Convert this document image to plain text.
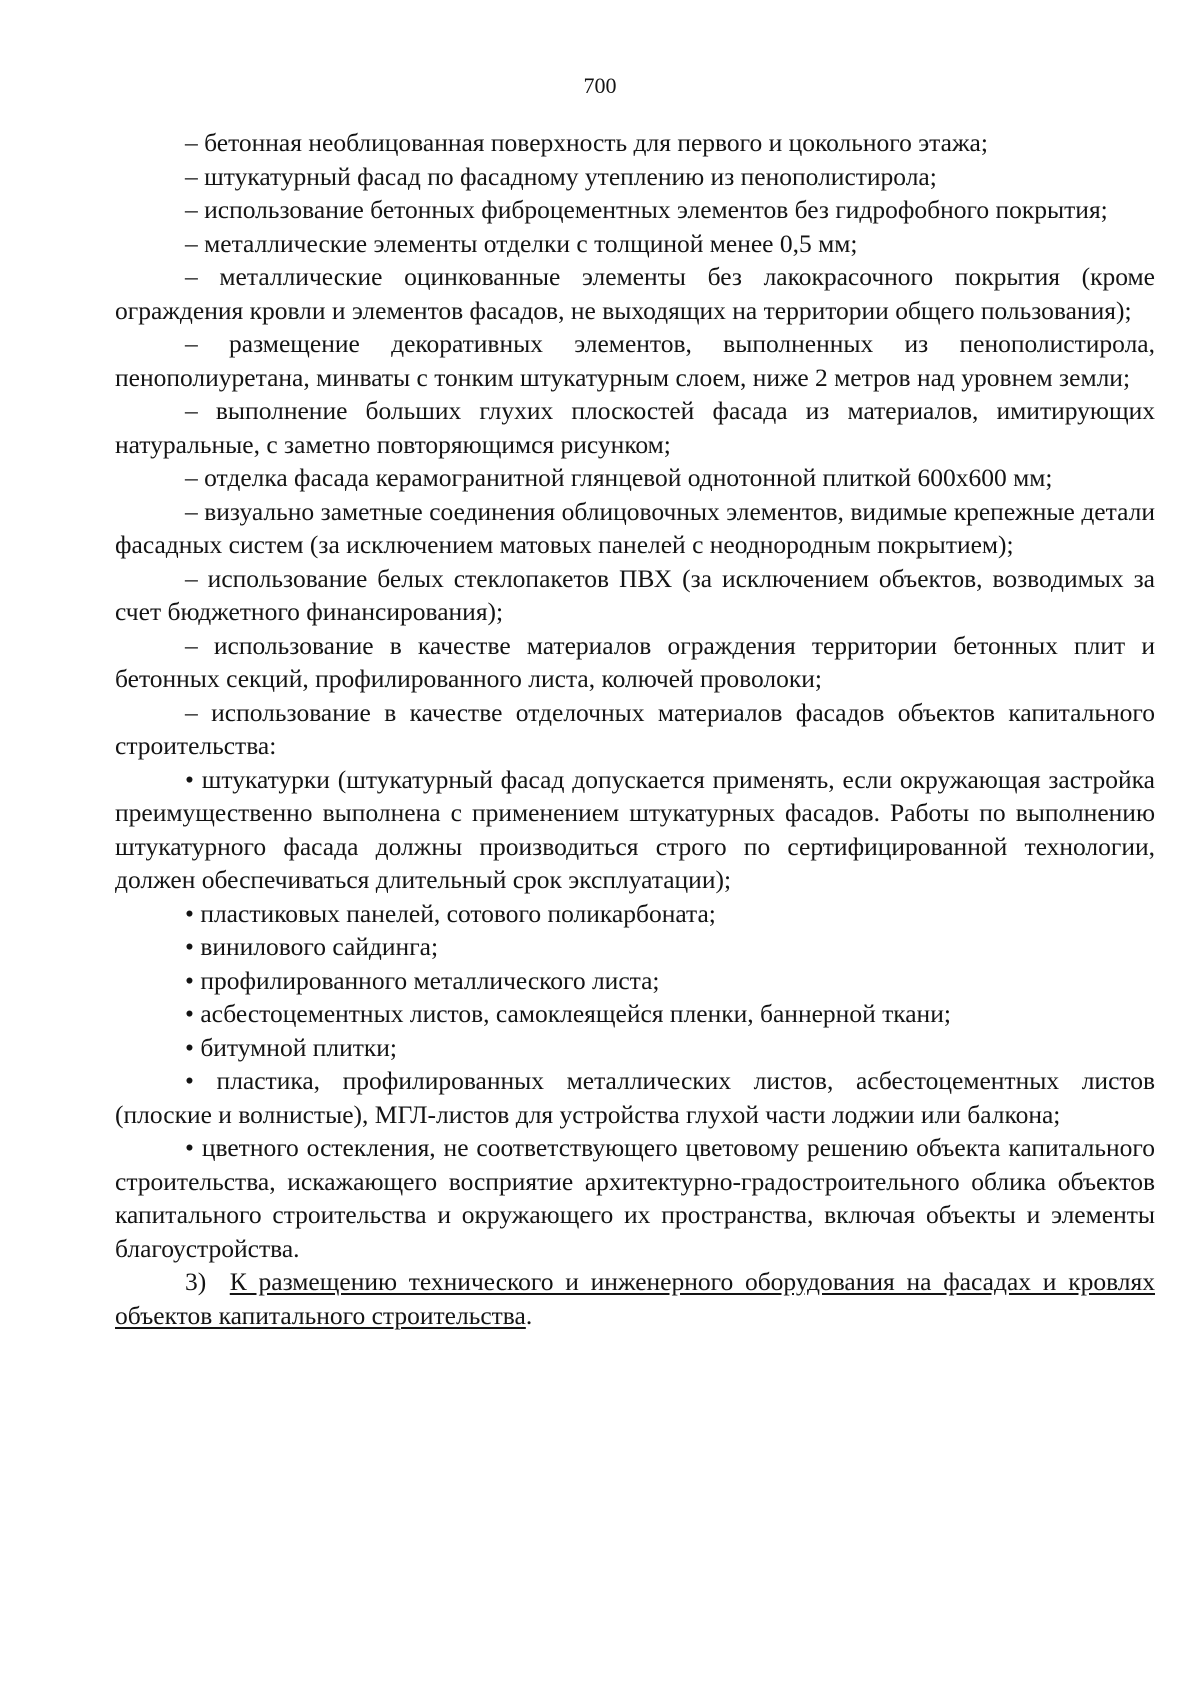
700

– бетонная необлицованная поверхность для первого и цокольного этажа;

– штукатурный фасад по фасадному утеплению из пенополистирола;

– использование бетонных фиброцементных элементов без гидрофобного покрытия;

– металлические элементы отделки с толщиной менее 0,5 мм;

– металлические оцинкованные элементы без лакокрасочного покрытия (кроме ограждения кровли и элементов фасадов, не выходящих на территории общего пользования);

– размещение декоративных элементов, выполненных из пенополистирола, пенополиуретана, минваты с тонким штукатурным слоем, ниже 2 метров над уровнем земли;

– выполнение больших глухих плоскостей фасада из материалов, имитирующих натуральные, с заметно повторяющимся рисунком;

– отделка фасада керамогранитной глянцевой однотонной плиткой 600х600 мм;

– визуально заметные соединения облицовочных элементов, видимые крепежные детали фасадных систем (за исключением матовых панелей с неоднородным покрытием);

– использование белых стеклопакетов ПВХ (за исключением объектов, возводимых за счет бюджетного финансирования);

– использование в качестве материалов ограждения территории бетонных плит и бетонных секций, профилированного листа, колючей проволоки;

– использование в качестве отделочных материалов фасадов объектов капитального строительства:

• штукатурки (штукатурный фасад допускается применять, если окружающая застройка преимущественно выполнена с применением штукатурных фасадов. Работы по выполнению штукатурного фасада должны производиться строго по сертифицированной технологии, должен обеспечиваться длительный срок эксплуатации);

• пластиковых панелей, сотового поликарбоната;

• винилового сайдинга;

• профилированного металлического листа;

• асбестоцементных листов, самоклеящейся пленки, баннерной ткани;

• битумной плитки;

• пластика, профилированных металлических листов, асбестоцементных листов (плоские и волнистые), МГЛ-листов для устройства глухой части лоджии или балкона;

• цветного остекления, не соответствующего цветовому решению объекта капитального строительства, искажающего восприятие архитектурно-градостроительного облика объектов капитального строительства и окружающего их пространства, включая объекты и элементы благоустройства.

3) К размещению технического и инженерного оборудования на фасадах и кровлях объектов капитального строительства.
